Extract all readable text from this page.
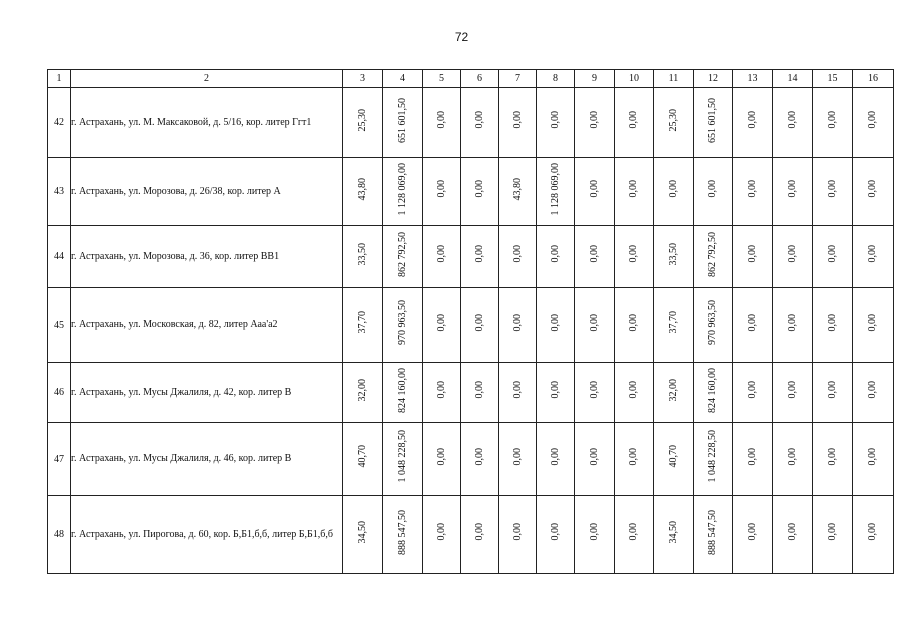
72
1	2	3	4	5	6	7	8	9	10	11	12	13	14	15	16
42	г. Астрахань, ул. М. Максаковой, д. 5/16, кор. литер Ггт1	25,30	651 601,50	0,00	0,00	0,00	0,00	0,00	0,00	25,30	651 601,50	0,00	0,00	0,00	0,00
43	г. Астрахань, ул. Морозова, д. 26/38, кор. литер А	43,80	1 128 069,00	0,00	0,00	43,80	1 128 069,00	0,00	0,00	0,00	0,00	0,00	0,00	0,00	0,00
44	г. Астрахань, ул. Морозова, д. 36, кор. литер ВВ1	33,50	862 792,50	0,00	0,00	0,00	0,00	0,00	0,00	33,50	862 792,50	0,00	0,00	0,00	0,00
45	г. Астрахань, ул. Московская, д. 82, литер Ааа'а2	37,70	970 963,50	0,00	0,00	0,00	0,00	0,00	0,00	37,70	970 963,50	0,00	0,00	0,00	0,00
46	г. Астрахань, ул. Мусы Джалиля, д. 42, кор. литер В	32,00	824 160,00	0,00	0,00	0,00	0,00	0,00	0,00	32,00	824 160,00	0,00	0,00	0,00	0,00
47	г. Астрахань, ул. Мусы Джалиля, д. 46, кор. литер В	40,70	1 048 228,50	0,00	0,00	0,00	0,00	0,00	0,00	40,70	1 048 228,50	0,00	0,00	0,00	0,00
48	г. Астрахань, ул. Пирогова, д. 60, кор. Б,Б1,б,б, литер Б,Б1,б,б	34,50	888 547,50	0,00	0,00	0,00	0,00	0,00	0,00	34,50	888 547,50	0,00	0,00	0,00	0,00
